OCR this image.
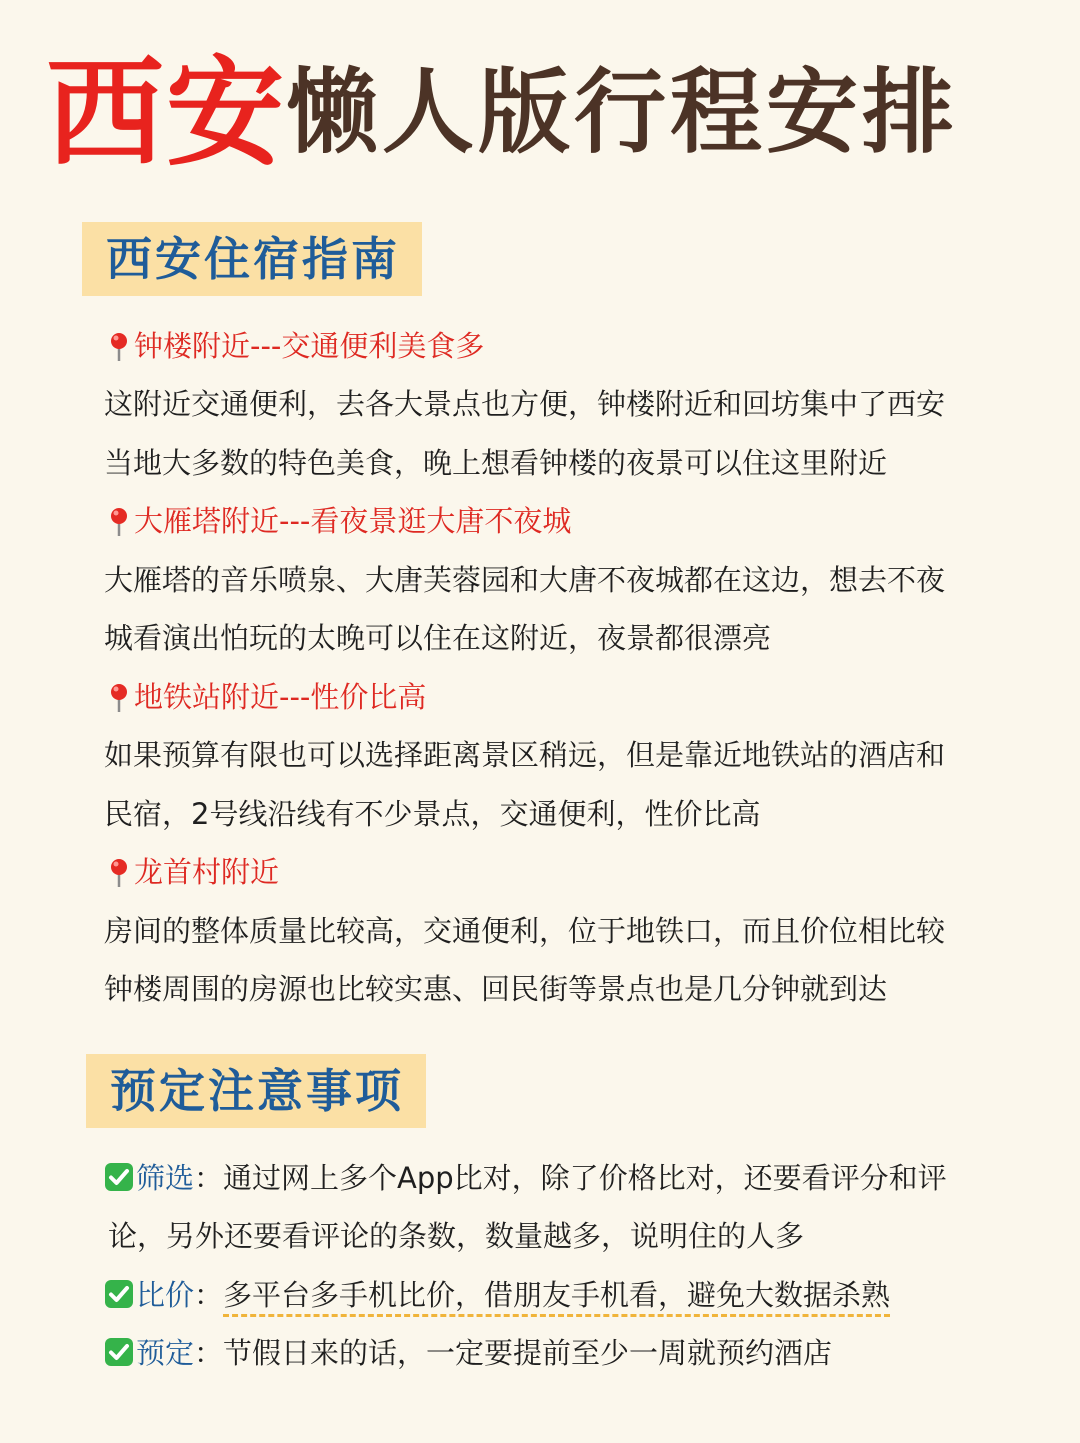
西安懒人版行程安排
西安住宿指南
钟楼附近---交通便利美食多
这附近交通便利，去各大景点也方便，钟楼附近和回坊集中了西安
当地大多数的特色美食，晚上想看钟楼的夜景可以住这里附近
大雁塔附近---看夜景逛大唐不夜城
大雁塔的音乐喷泉、大唐芙蓉园和大唐不夜城都在这边，想去不夜
城看演出怕玩的太晚可以住在这附近，夜景都很漂亮
地铁站附近---性价比高
如果预算有限也可以选择距离景区稍远，但是靠近地铁站的酒店和
民宿，2号线沿线有不少景点，交通便利，性价比高
龙首村附近
房间的整体质量比较高，交通便利，位于地铁口，而且价位相比较
钟楼周围的房源也比较实惠、回民街等景点也是几分钟就到达
预定注意事项
筛选：通过网上多个App比对，除了价格比对，还要看评分和评
论，另外还要看评论的条数，数量越多，说明住的人多
比价：多平台多手机比价，借朋友手机看，避免大数据杀熟
预定：节假日来的话，一定要提前至少一周就预约酒店
